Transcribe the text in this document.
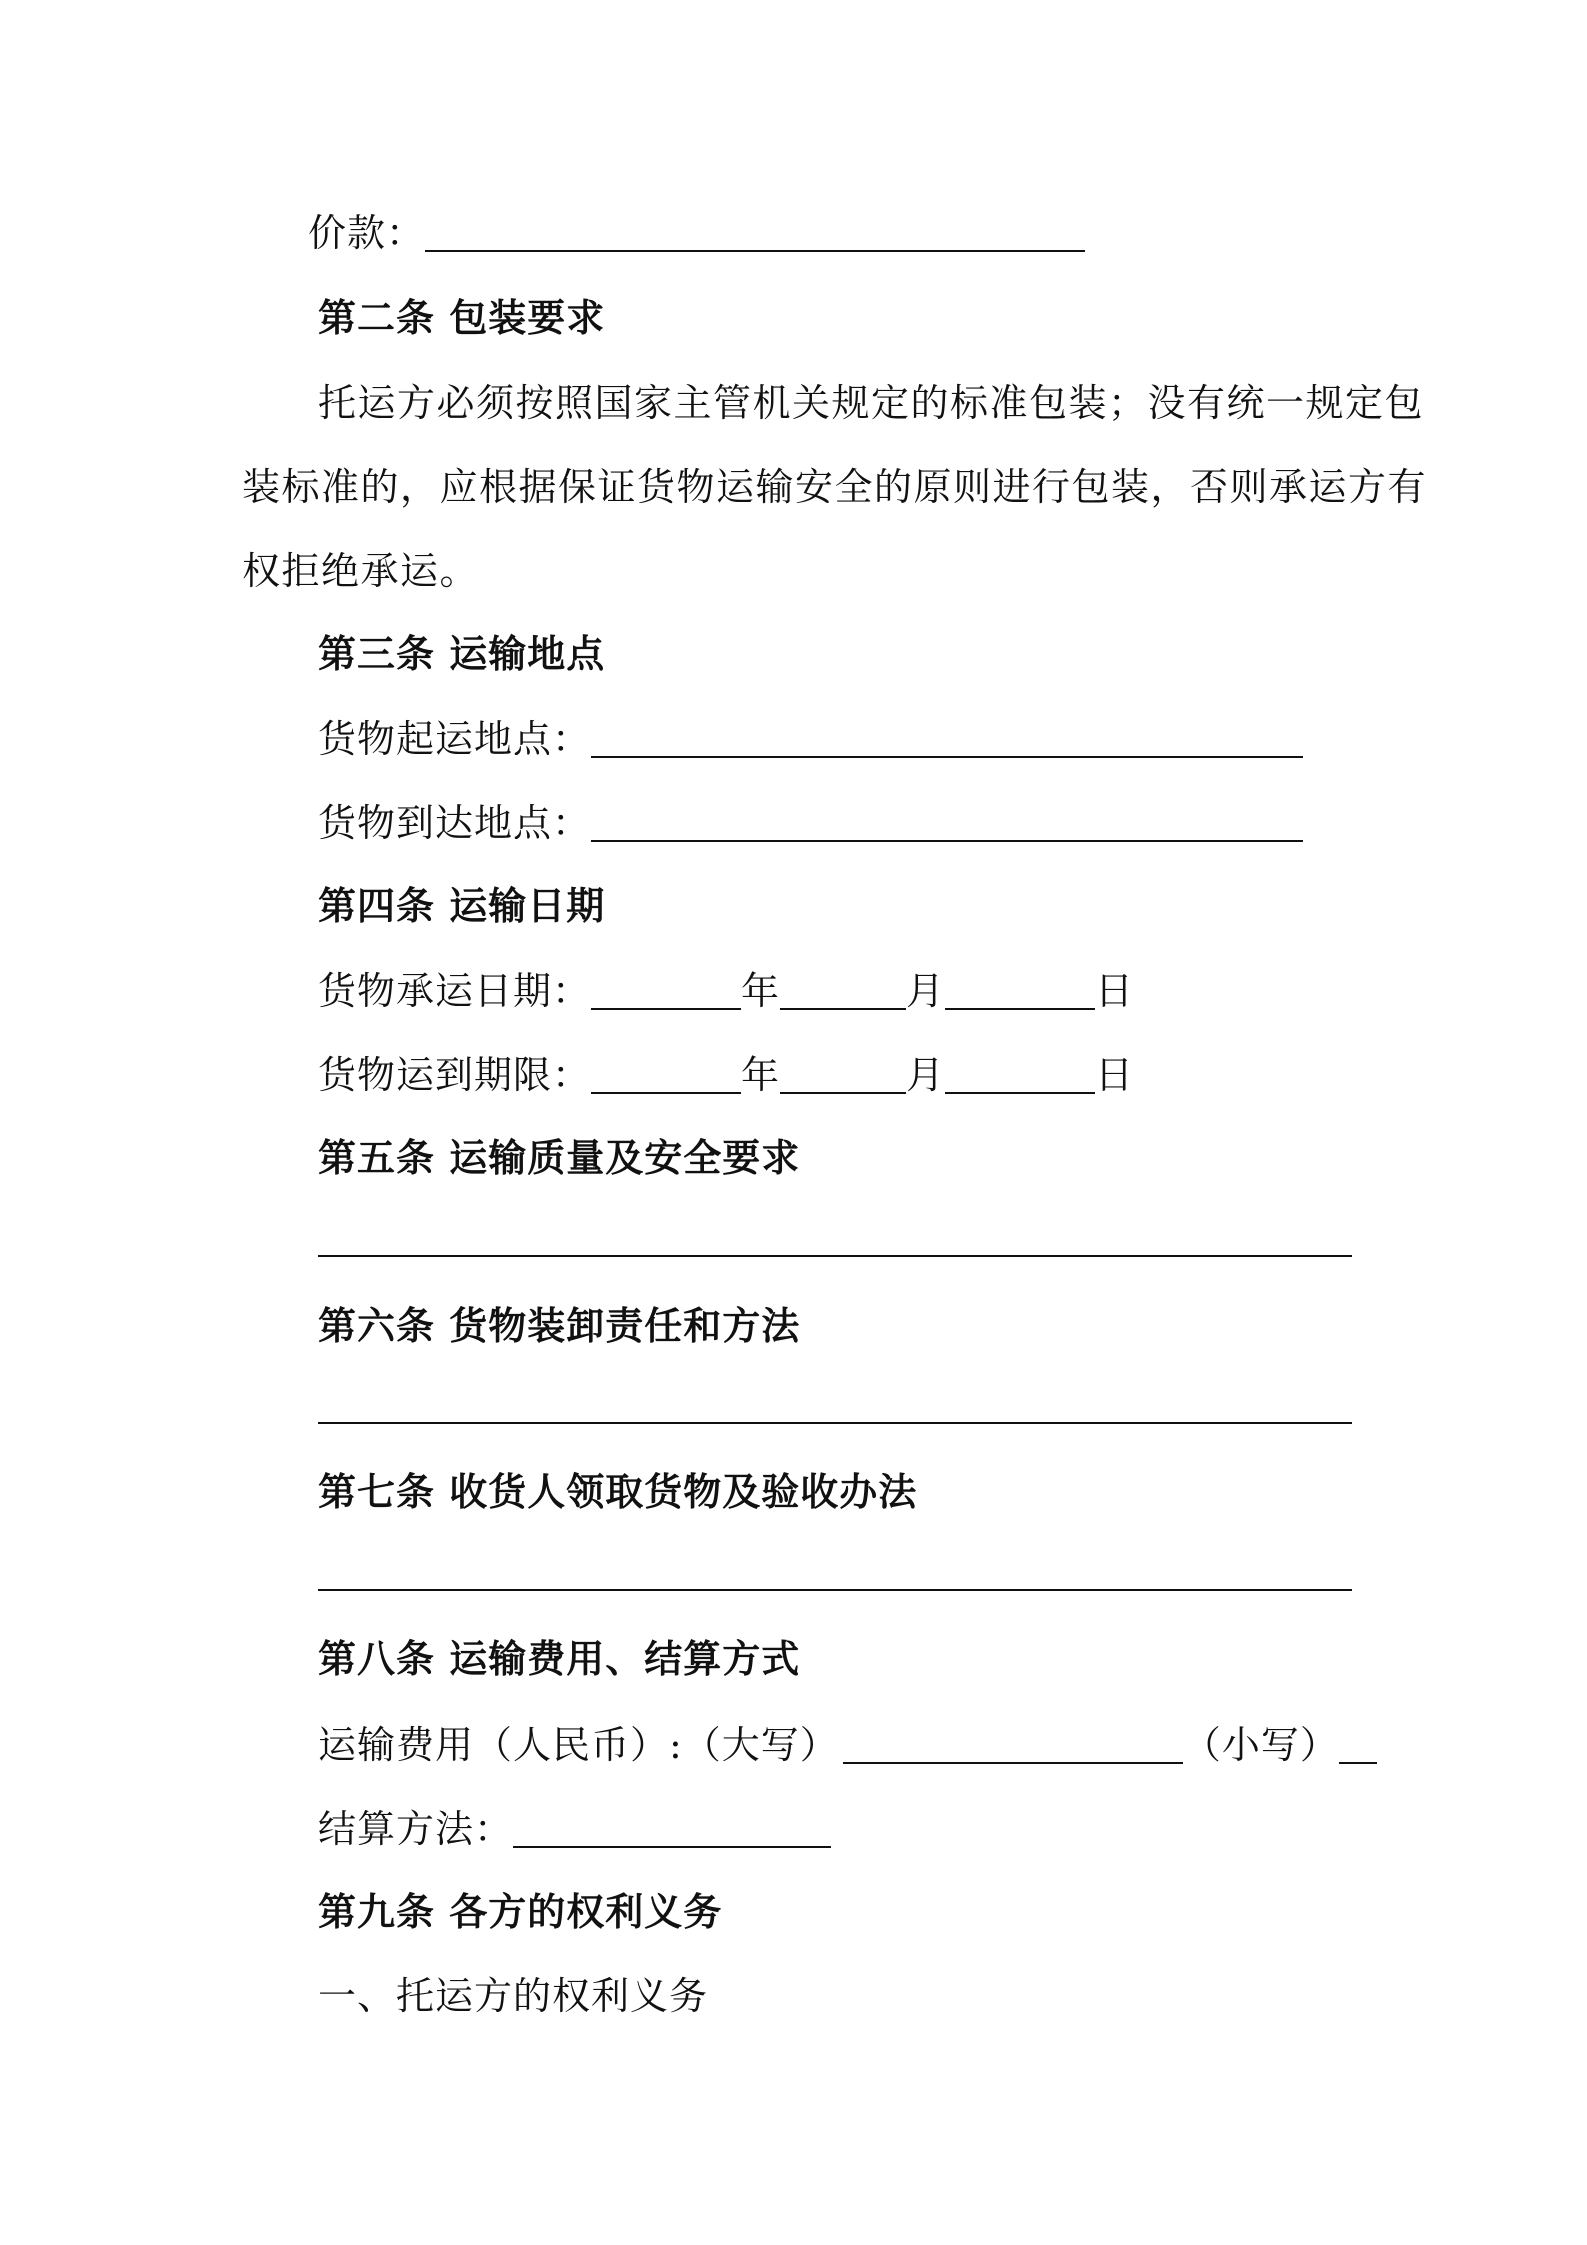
价款：
第二条 包装要求
托运方必须按照国家主管机关规定的标准包装；没有统一规定包
装标准的，应根据保证货物运输安全的原则进行包装，否则承运方有
权拒绝承运。
第三条 运输地点
货物起运地点：
货物到达地点：
第四条 运输日期
货物承运日期：	年	月	日
货物运到期限：	年	月	日
第五条 运输质量及安全要求
第六条 货物装卸责任和方法
第七条 收货人领取货物及验收办法
第八条 运输费用、结算方式
运输费用（人民币）:（大写）	（小写）
结算方法：
第九条 各方的权利义务
一、托运方的权利义务
